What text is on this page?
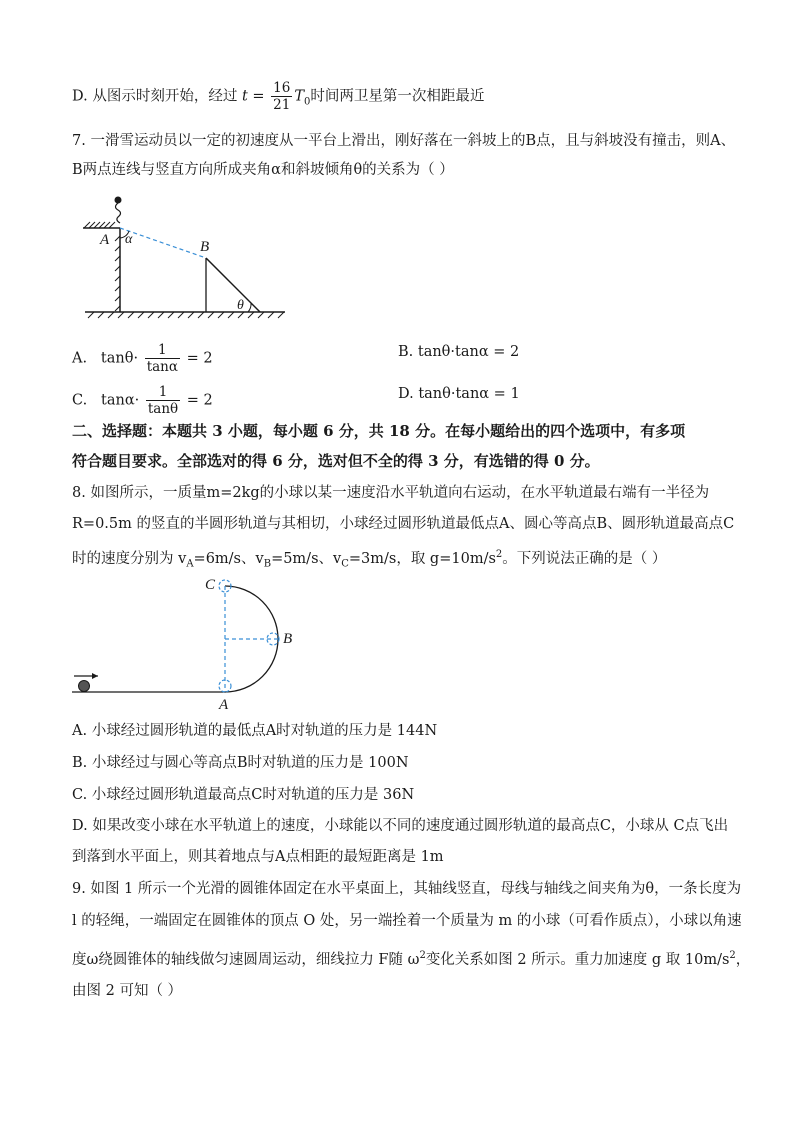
D. 从图示时刻开始，经过 $t = \frac{16}{21} T_0$时间两卫星第一次相距最近
7. 一滑雪运动员以一定的初速度从一平台上滑出，刚好落在一斜坡上的B点，且与斜坡没有撞击，则A、
B两点连线与竖直方向所成夹角α和斜坡倾角θ的关系为（ ）
A α	B
θ
A. $\tan\theta\cdot \frac{1}{\tan\alpha} = 2$	B. tanθ·tanα = 2
C. $\tan\alpha\cdot \frac{1}{\tan\theta} = 2$	D. tanθ·tanα = 1
二、选择题：本题共 3 小题，每小题 6 分，共 18 分。在每小题给出的四个选项中，有多项
符合题目要求。全部选对的得 6 分，选对但不全的得 3 分，有选错的得 0 分。
8. 如图所示，一质量m=2kg的小球以某一速度沿水平轨道向右运动，在水平轨道最右端有一半径为
R=0.5m 的竖直的半圆形轨道与其相切，小球经过圆形轨道最低点A、圆心等高点B、圆形轨道最高点C
时的速度分别为 $v_A=6m/s$、$v_B=5m/s$、$v_C=3m/s$，取 $g=10m/s^2$。下列说法正确的是（ ）
C
B
A
A. 小球经过圆形轨道的最低点A时对轨道的压力是 144N
B. 小球经过与圆心等高点B时对轨道的压力是 100N
C. 小球经过圆形轨道最高点C时对轨道的压力是 36N
D. 如果改变小球在水平轨道上的速度，小球能以不同的速度通过圆形轨道的最高点C，小球从 C点飞出
到落到水平面上，则其着地点与A点相距的最短距离是 1m
9. 如图 1 所示一个光滑的圆锥体固定在水平桌面上，其轴线竖直，母线与轴线之间夹角为θ，一条长度为
l 的轻绳，一端固定在圆锥体的顶点 O 处，另一端拴着一个质量为 m 的小球（可看作质点），小球以角速
度ω绕圆锥体的轴线做匀速圆周运动，细线拉力 F随 $\omega^2$变化关系如图 2 所示。重力加速度 g 取 $10m/s^2$，
由图 2 可知（ ）
